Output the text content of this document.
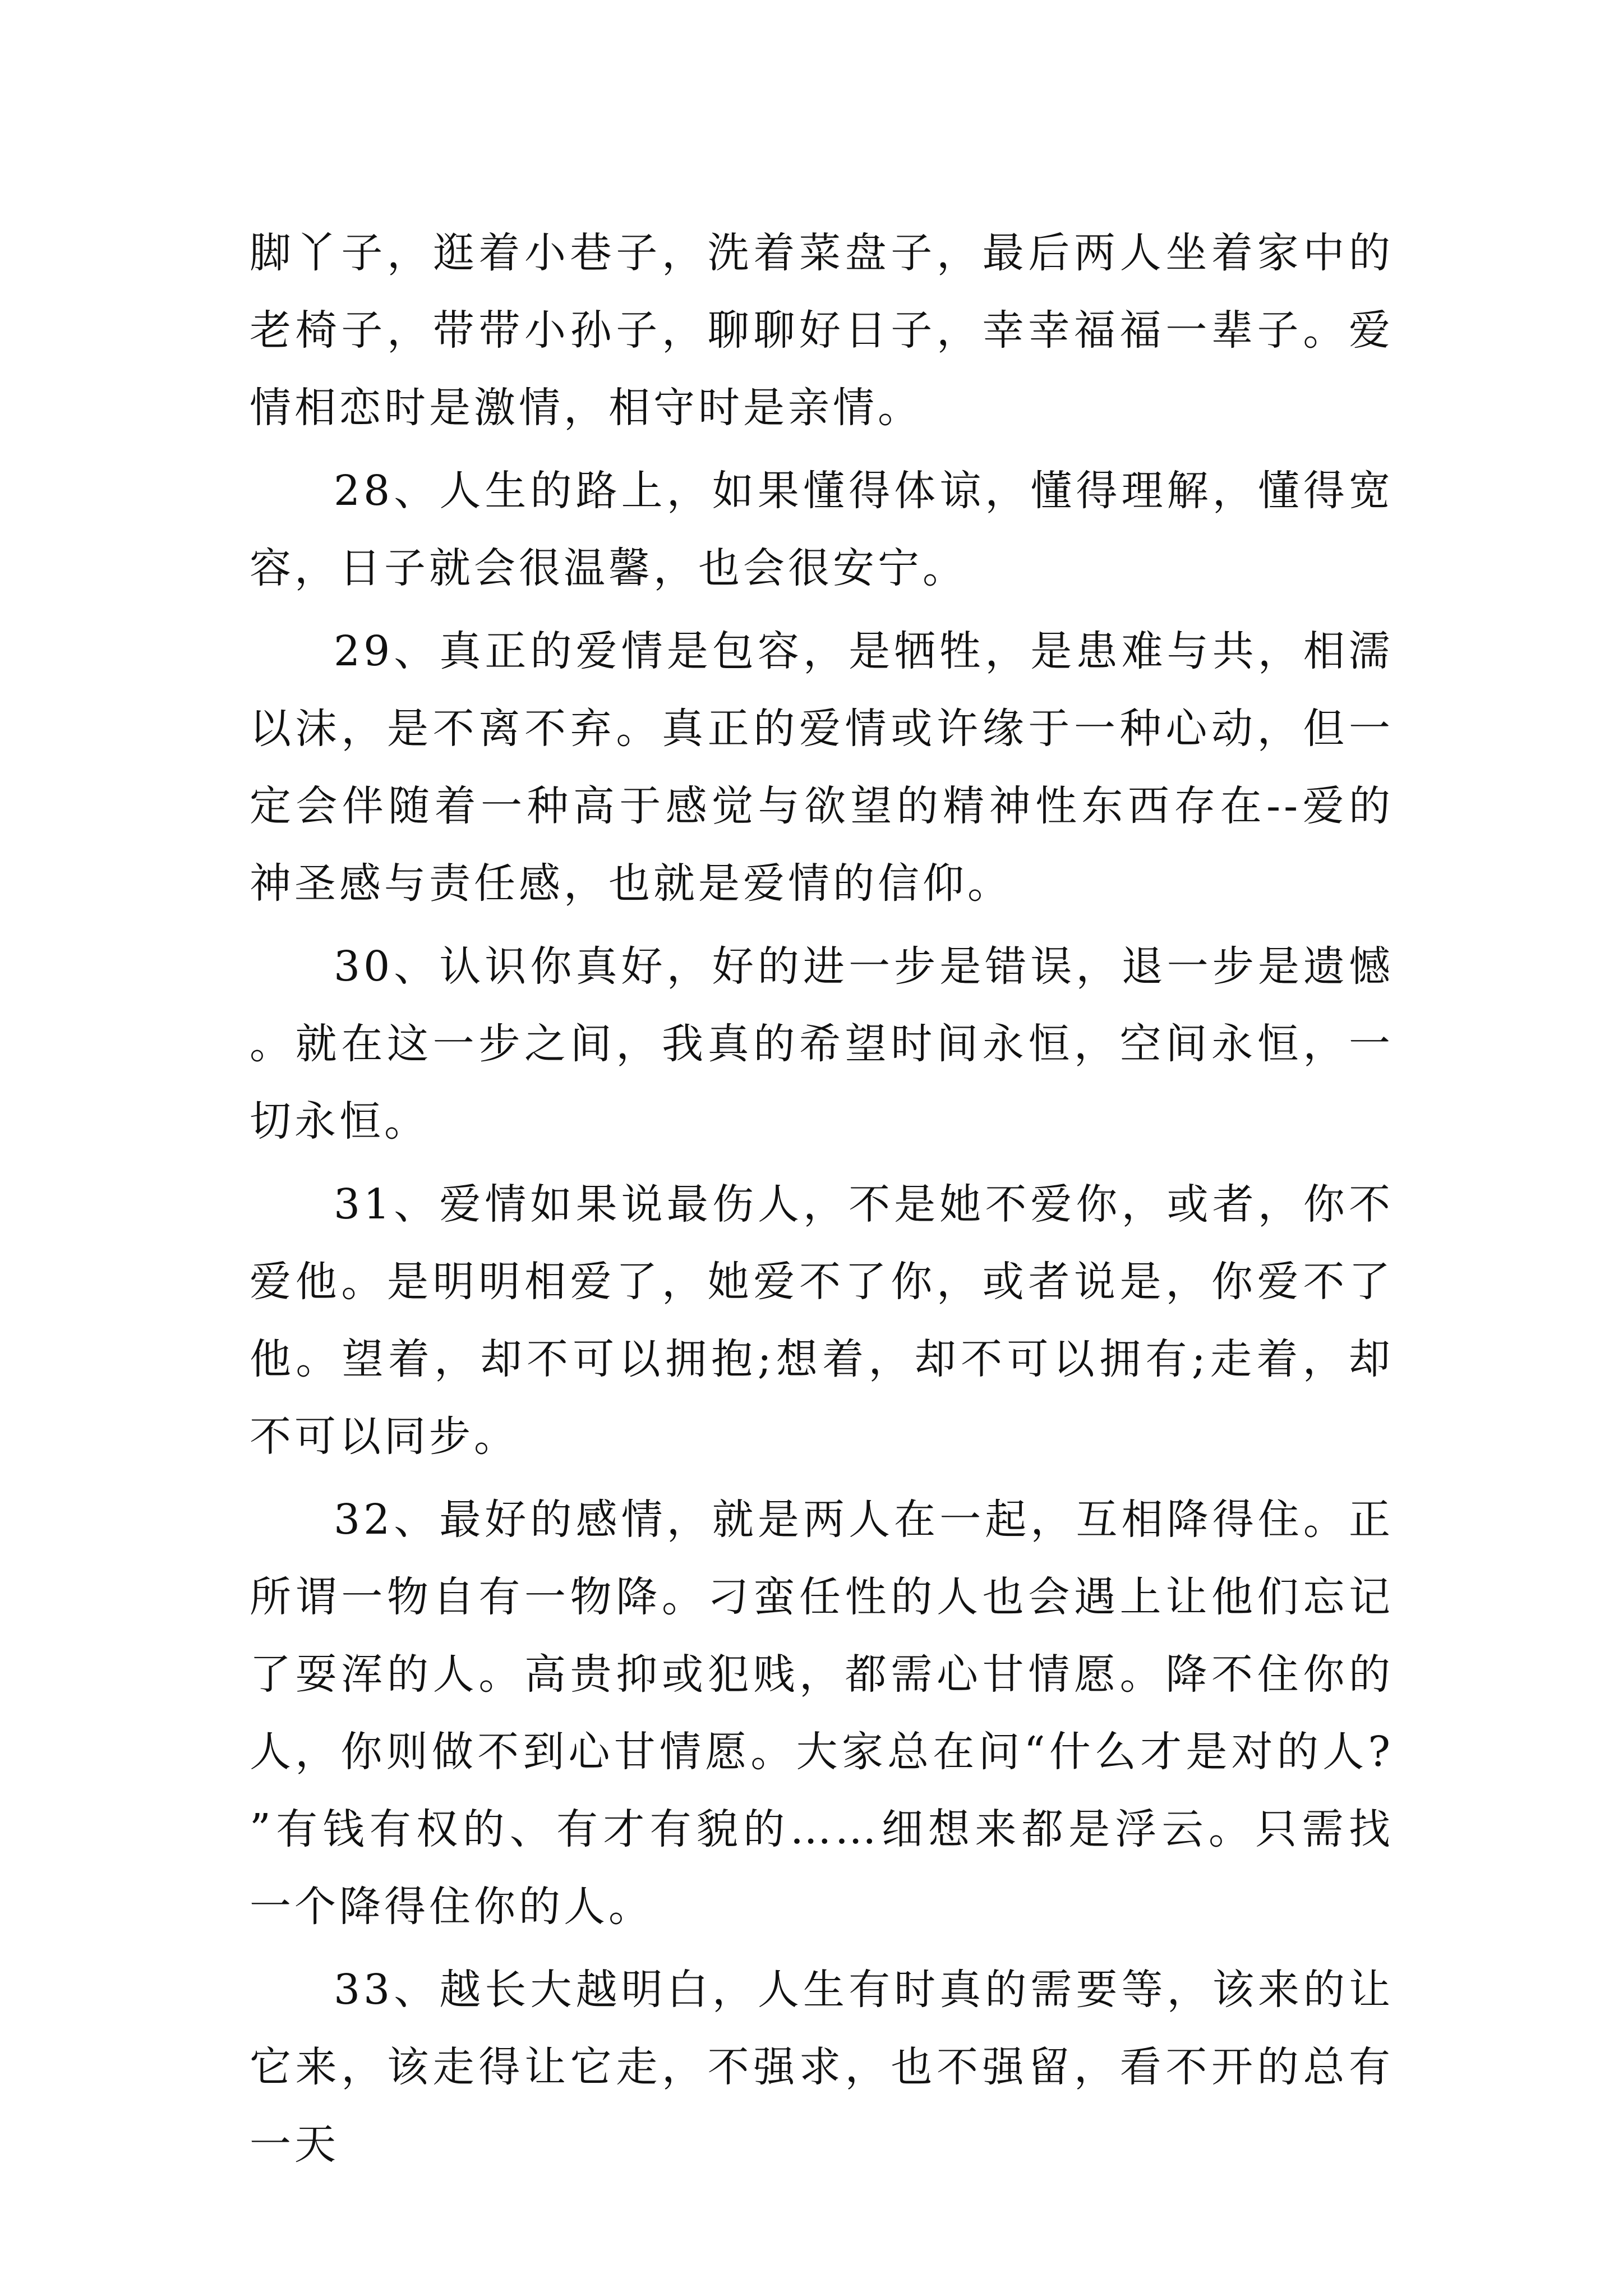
脚丫子，逛着小巷子，洗着菜盘子，最后两人坐着家中的老椅子，带带小孙子，聊聊好日子，幸幸福福一辈子。爱情相恋时是激情，相守时是亲情。

28、人生的路上，如果懂得体谅，懂得理解，懂得宽容，日子就会很温馨，也会很安宁。

29、真正的爱情是包容，是牺牲，是患难与共，相濡以沫，是不离不弃。真正的爱情或许缘于一种心动，但一定会伴随着一种高于感觉与欲望的精神性东西存在--爱的神圣感与责任感，也就是爱情的信仰。

30、认识你真好，好的进一步是错误，退一步是遗憾。就在这一步之间，我真的希望时间永恒，空间永恒，一切永恒。

31、爱情如果说最伤人，不是她不爱你，或者，你不爱他。是明明相爱了，她爱不了你，或者说是，你爱不了他。望着，却不可以拥抱;想着，却不可以拥有;走着，却不可以同步。

32、最好的感情，就是两人在一起，互相降得住。正所谓一物自有一物降。刁蛮任性的人也会遇上让他们忘记了耍浑的人。高贵抑或犯贱，都需心甘情愿。降不住你的人，你则做不到心甘情愿。大家总在问“什么才是对的人?”有钱有权的、有才有貌的……细想来都是浮云。只需找一个降得住你的人。

33、越长大越明白，人生有时真的需要等，该来的让它来，该走得让它走，不强求，也不强留，看不开的总有一天
